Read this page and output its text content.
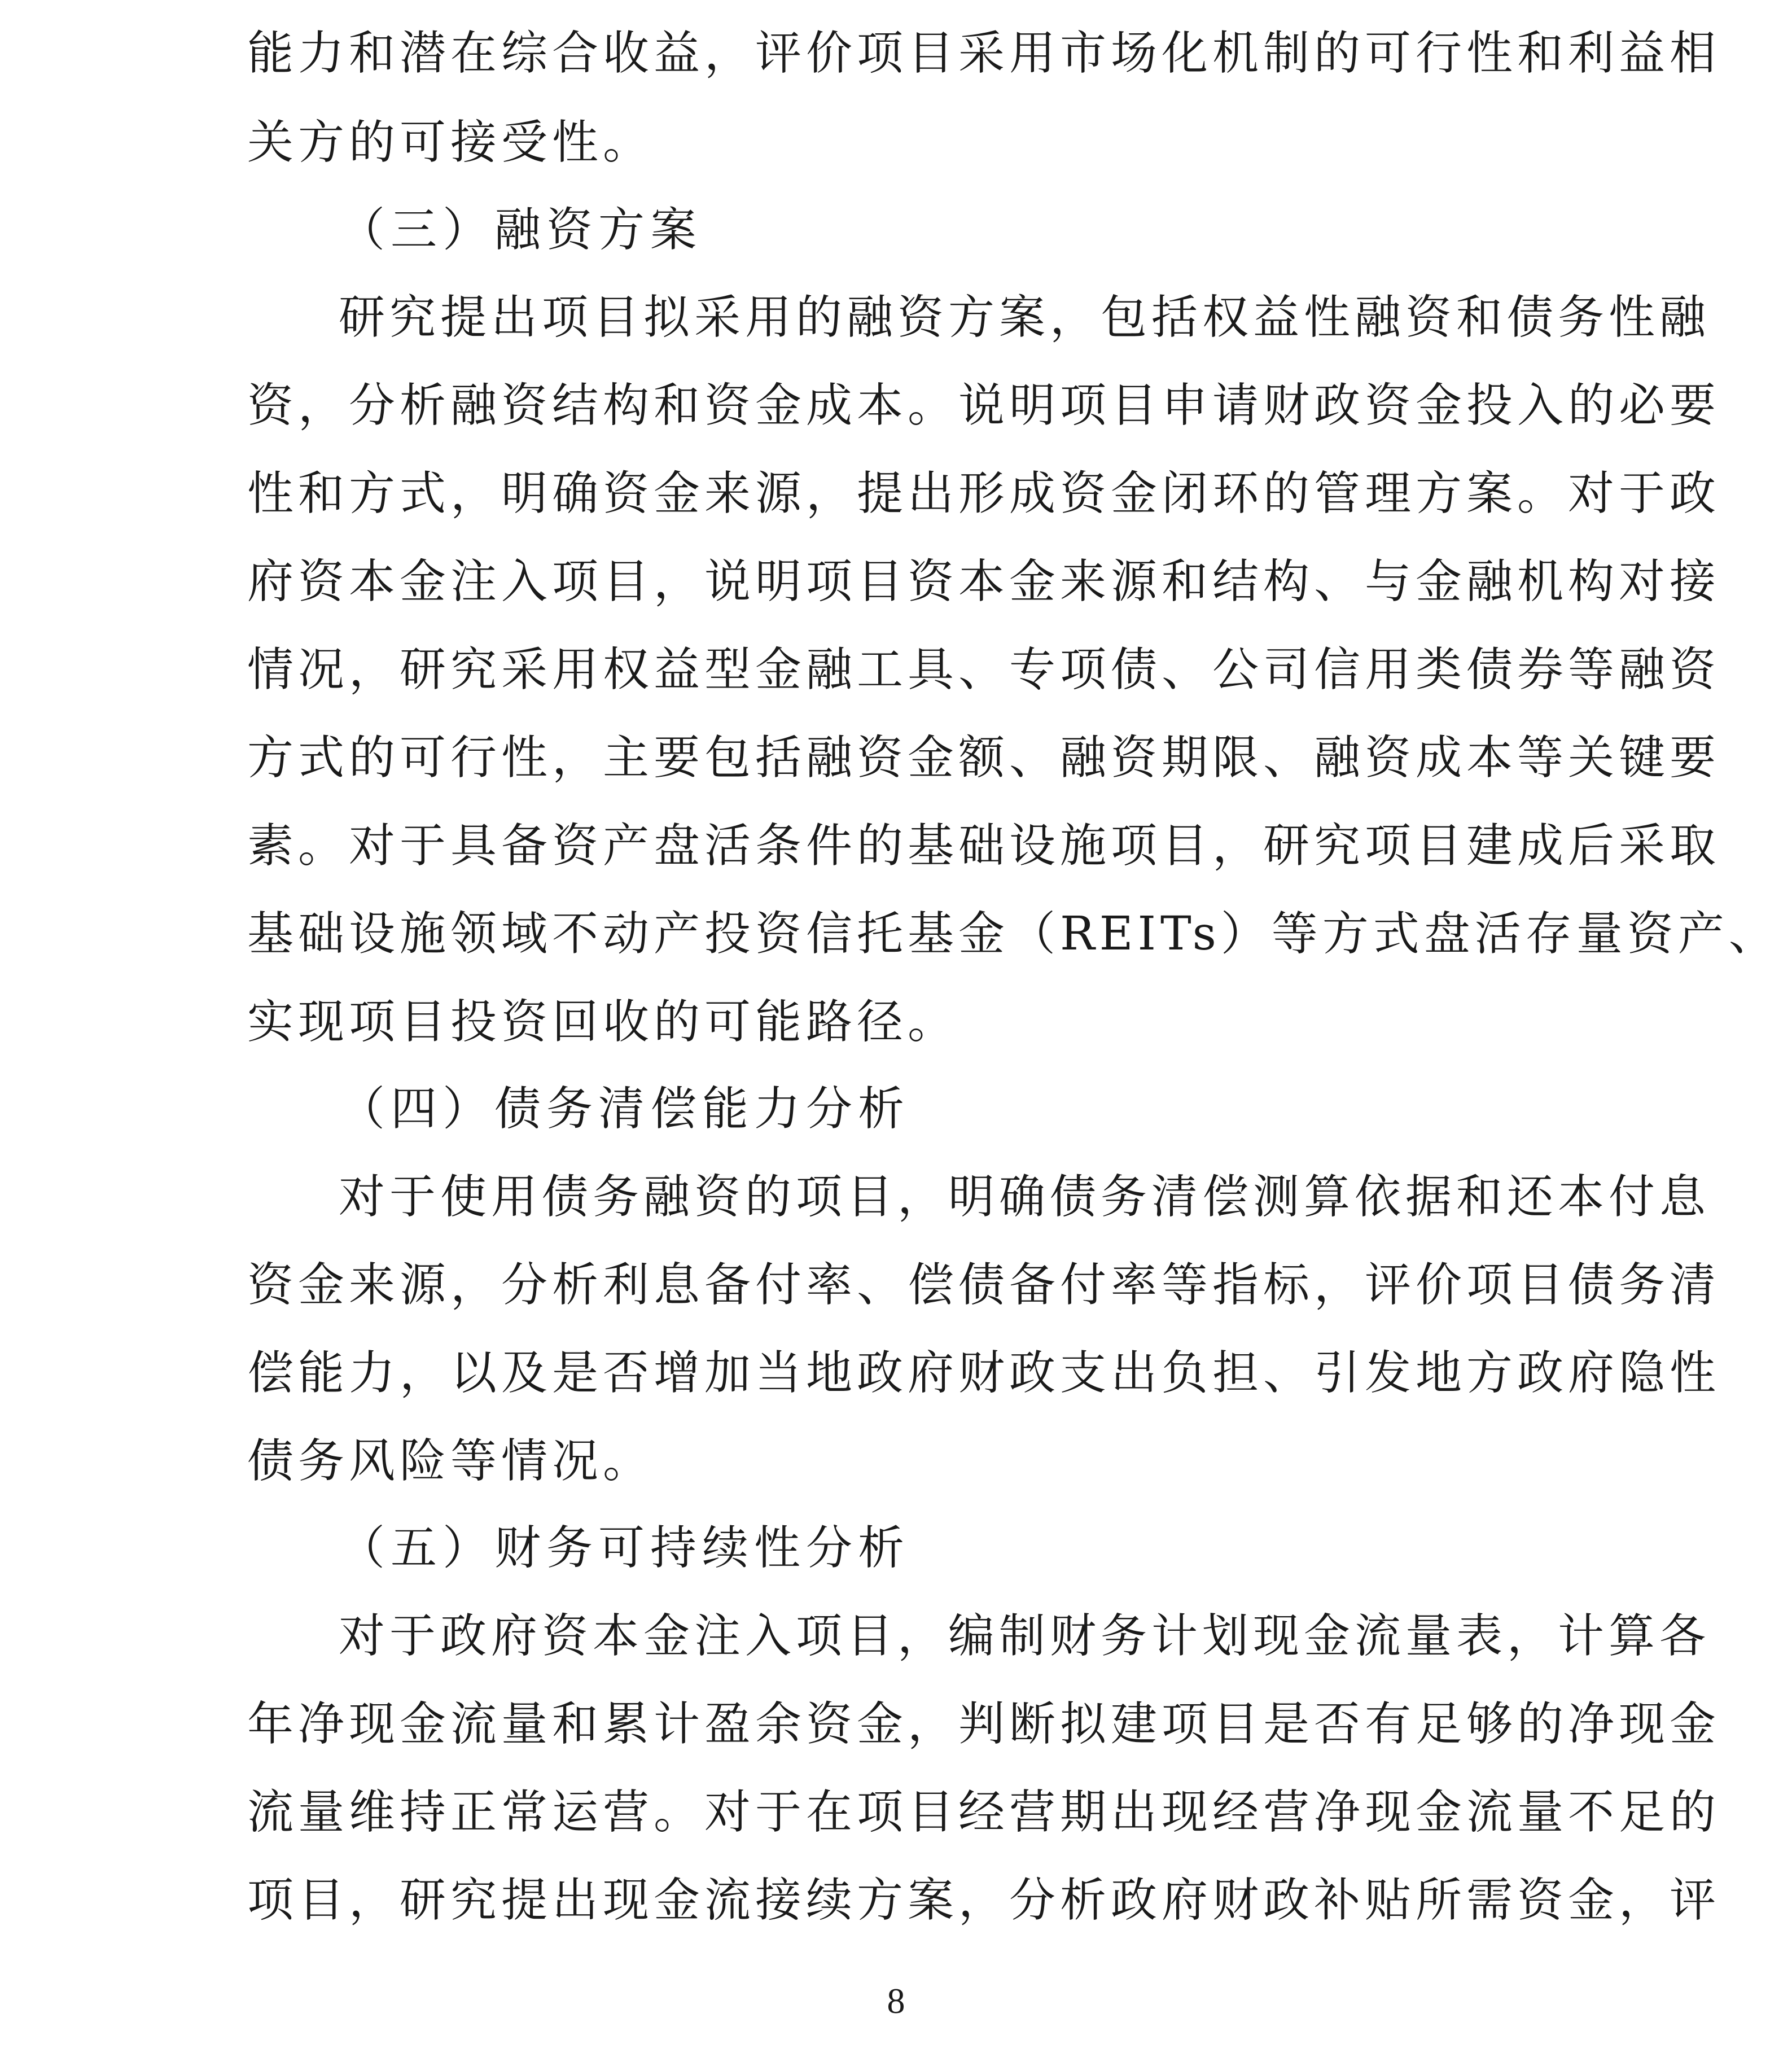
能力和潜在综合收益，评价项目采用市场化机制的可行性和利益相
关方的可接受性。
（三）融资方案
研究提出项目拟采用的融资方案，包括权益性融资和债务性融
资，分析融资结构和资金成本。说明项目申请财政资金投入的必要
性和方式，明确资金来源，提出形成资金闭环的管理方案。对于政
府资本金注入项目，说明项目资本金来源和结构、与金融机构对接
情况，研究采用权益型金融工具、专项债、公司信用类债券等融资
方式的可行性，主要包括融资金额、融资期限、融资成本等关键要
素。对于具备资产盘活条件的基础设施项目，研究项目建成后采取
基础设施领域不动产投资信托基金（REITs）等方式盘活存量资产、
实现项目投资回收的可能路径。
（四）债务清偿能力分析
对于使用债务融资的项目，明确债务清偿测算依据和还本付息
资金来源，分析利息备付率、偿债备付率等指标，评价项目债务清
偿能力，以及是否增加当地政府财政支出负担、引发地方政府隐性
债务风险等情况。
（五）财务可持续性分析
对于政府资本金注入项目，编制财务计划现金流量表，计算各
年净现金流量和累计盈余资金，判断拟建项目是否有足够的净现金
流量维持正常运营。对于在项目经营期出现经营净现金流量不足的
项目，研究提出现金流接续方案，分析政府财政补贴所需资金，评
8
